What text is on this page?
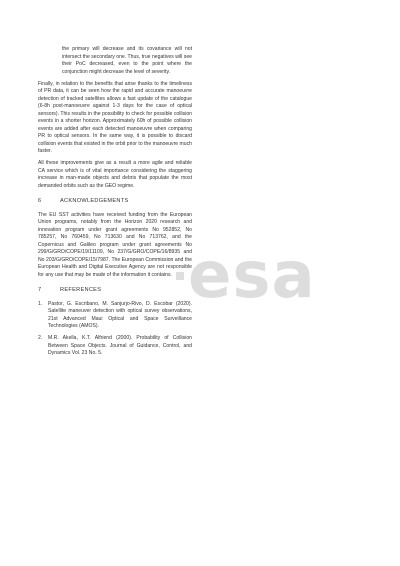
the primary will decrease and its covariance will not intersect the secondary one. Thus, true negatives will see their PoC decreased, even to the point where the conjunction might decrease the level of severity.

Finally, in relation to the benefits that arise thanks to the timeliness of PR data, it can be seen how the rapid and accurate manoeuvre detection of tracked satellites allows a fast update of the catalogue (6-8h post-manoeuvre against 1-3 days for the case of optical sensors). This results in the possibility to check for possible collision events in a shorter horizon. Approximately 60h of possible collision events are added after each detected manoeuvre when comparing PR to optical sensors. In the same way, it is possible to discard collision events that existed in the orbit prior to the manoeuvre much faster.

All these improvements give as a result a more agile and reliable CA service which is of vital importance considering the staggering increase in man-made objects and debris that populate the most demanded orbits such as the GEO regime.

6	ACKNOWLEDGEMENTS

The EU SST activities have received funding from the European Union programs, notably from the Horizon 2020 research and innovation program under grant agreements No 952852, No 785257, No 760459, No 713630 and No 713762, and the Copernicus and Galileo program under grant agreements No 299/G/GRO/COPE/19/11109, No 237/G/GRO/COPE/16/8935 and No 203/G/GRO/COPE/15/7987. The European Commission and the European Health and Digital Executive Agency are not responsible for any use that may be made of the information it contains.

7	REFERENCES
1.	Pastor, G. Escribano, M. Sanjurjo-Rivo, D. Escobar (2020). Satellite maneuver detection with optical survey observations, 21st Advanced Maui Optical and Space Surveillance Technologies (AMOS).
2.	M.R. Akella, K.T. Alfriend (2000). Probability of Collision Between Space Objects. Journal of Guidance, Control, and Dynamics Vol. 23 No. 5.
esa
